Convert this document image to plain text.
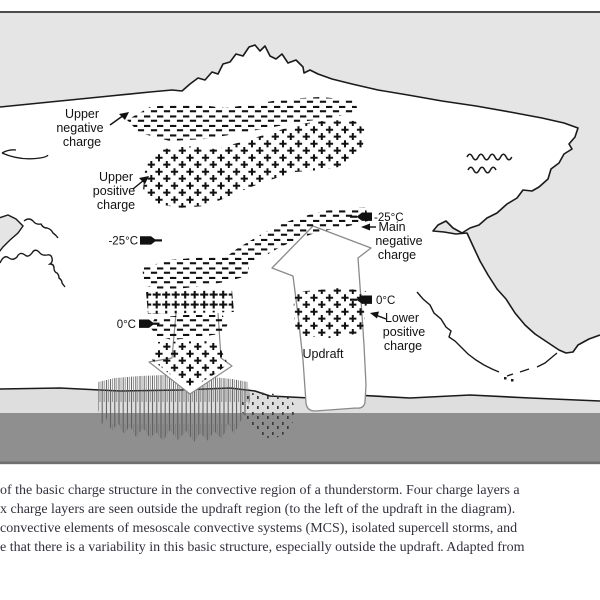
Upper
negative
charge
Upper
positive
charge
Main
negative
charge
Lower
positive
charge
Updraft
-25°C
0°C
-25°C
0°C
of the basic charge structure in the convective region of a thunderstorm. Four charge layers a
x charge layers are seen outside the updraft region (to the left of the updraft in the diagram).
convective elements of mesoscale convective systems (MCS), isolated supercell storms, and
e that there is a variability in this basic structure, especially outside the updraft. Adapted from
